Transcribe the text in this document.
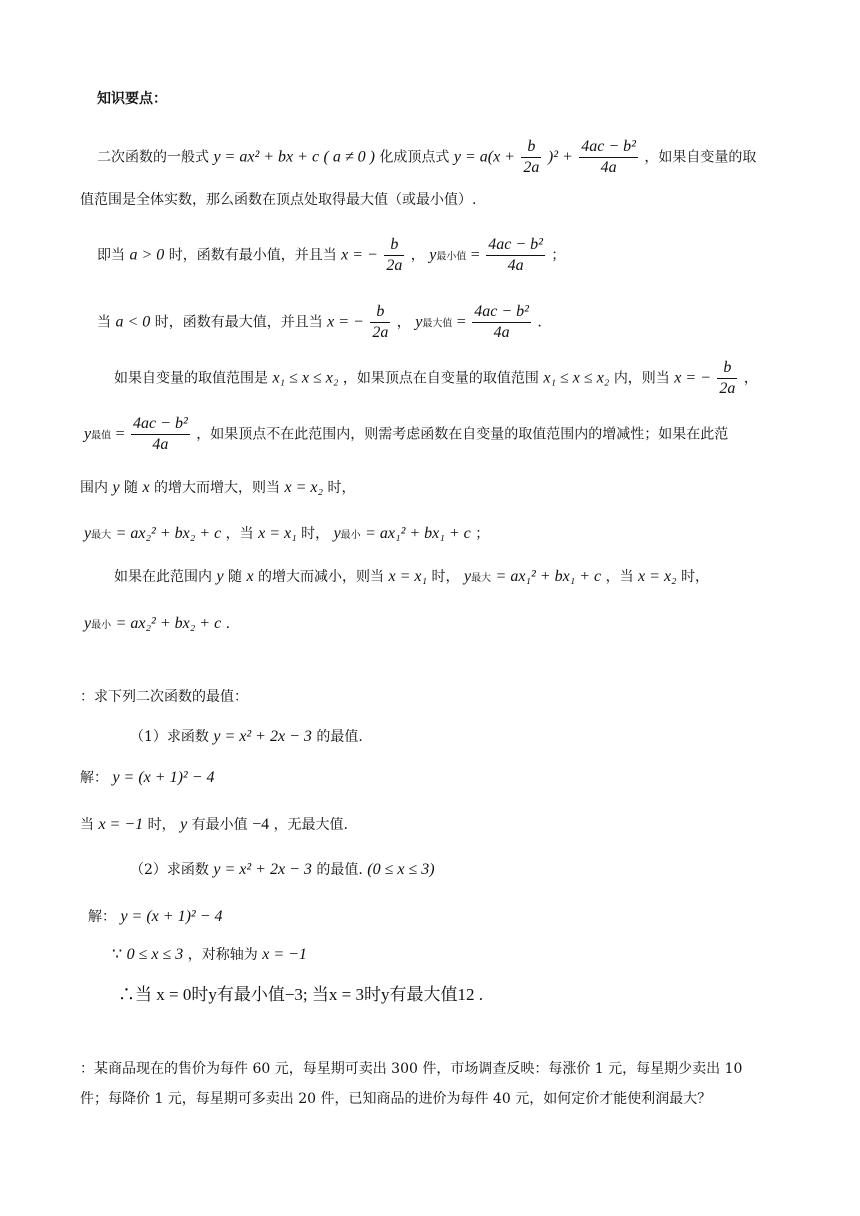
知识要点：
二次函数的一般式 y = ax² + bx + c ( a ≠ 0 ) 化成顶点式 $y = a(x + \frac{b}{2a} )^2 + \frac{\text{4ac − b²}}{4a}$ ，如果自变量的取
值范围是全体实数，那么函数在顶点处取得最大值（或最小值）.
即当 a > 0 时，函数有最小值，并且当 x = − $\frac{b}{2a}$ ， y最小值 = $\frac{\text{4ac − b²}}{4a}$ ；
当 a < 0 时，函数有最大值，并且当 x = − $\frac{b}{2a}$ ， y最大值 = $\frac{\text{4ac − b²}}{4a}$ .
如果自变量的取值范围是 x₁ ≤ x ≤ x₂ ，如果顶点在自变量的取值范围 x₁ ≤ x ≤ x₂ 内，则当 x = − $\frac{b}{2a}$ ，
y最值 = $\frac{\text{4ac − b²}}{4a}$ ，如果顶点不在此范围内，则需考虑函数在自变量的取值范围内的增减性；如果在此范
围内 y 随 x 的增大而增大，则当 x = x₂ 时，
y最大 = ax₂² + bx₂ + c ，当 x = x₁ 时， y最小 = ax₁² + bx₁ + c ；
如果在此范围内 y 随 x 的增大而减小，则当 x = x₁ 时， y最大 = ax₁² + bx₁ + c ，当 x = x₂ 时，
y最小 = ax₂² + bx₂ + c .
：求下列二次函数的最值：
（1）求函数 y = x² + 2x − 3 的最值.
解： y = (x + 1)² − 4
当 x = −1 时， y 有最小值 −4 ，无最大值.
（2）求函数 y = x² + 2x − 3 的最值. (0 ≤ x ≤ 3)
解： y = (x + 1)² − 4
∵ 0 ≤ x ≤ 3 ，对称轴为 x = −1
∴当 x = 0时y有最小值−3; 当x = 3时y有最大值12 .
：某商品现在的售价为每件 60 元，每星期可卖出 300 件，市场调查反映：每涨价 1 元，每星期少卖出 10
件；每降价 1 元，每星期可多卖出 20 件，已知商品的进价为每件 40 元，如何定价才能使利润最大？
